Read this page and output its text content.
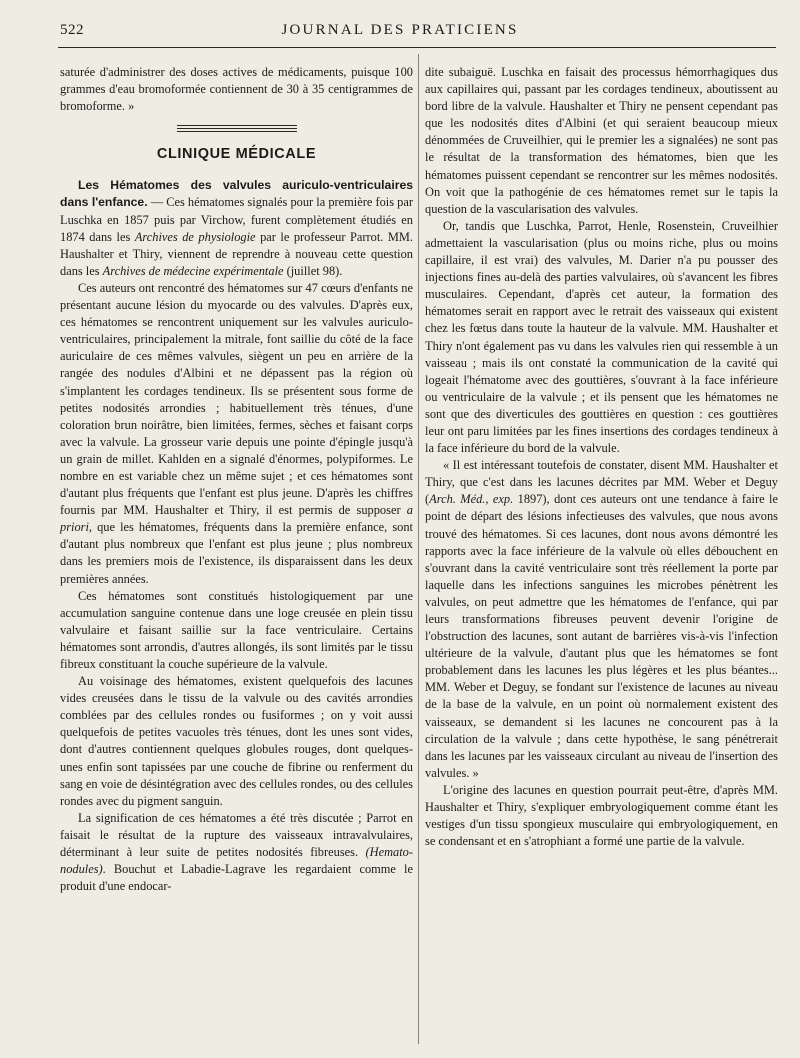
522	JOURNAL DES PRATICIENS

saturée d'administrer des doses actives de médicaments, puisque 100 grammes d'eau bromoformée contiennent de 30 à 35 centigrammes de bromoforme. »

CLINIQUE MÉDICALE

Les Hématomes des valvules auriculo-ventriculaires dans l'enfance. — Ces hématomes signalés pour la première fois par Luschka en 1857 puis par Virchow, furent complètement étudiés en 1874 dans les Archives de physiologie par le professeur Parrot. MM. Haushalter et Thiry, viennent de reprendre à nouveau cette question dans les Archives de médecine expérimentale (juillet 98).

Ces auteurs ont rencontré des hématomes sur 47 cœurs d'enfants ne présentant aucune lésion du myocarde ou des valvules. D'après eux, ces hématomes se rencontrent uniquement sur les valvules auriculo-ventriculaires, principalement la mitrale, font saillie du côté de la face auriculaire de ces mêmes valvules, siègent un peu en arrière de la rangée des nodules d'Albini et ne dépassent pas la région où s'implantent les cordages tendineux. Ils se présentent sous forme de petites nodosités arrondies ; habituellement très ténues, d'une coloration brun noirâtre, bien limitées, fermes, sèches et faisant corps avec la valvule. La grosseur varie depuis une pointe d'épingle jusqu'à un grain de millet. Kahlden en a signalé d'énormes, polypiformes. Le nombre en est variable chez un même sujet ; et ces hématomes sont d'autant plus fréquents que l'enfant est plus jeune. D'après les chiffres fournis par MM. Haushalter et Thiry, il est permis de supposer a priori, que les hématomes, fréquents dans la première enfance, sont d'autant plus nombreux que l'enfant est plus jeune ; plus nombreux dans les premiers mois de l'existence, ils disparaissent dans les deux premières années.

Ces hématomes sont constitués histologiquement par une accumulation sanguine contenue dans une loge creusée en plein tissu valvulaire et faisant saillie sur la face ventriculaire. Certains hématomes sont arrondis, d'autres allongés, ils sont limités par le tissu fibreux constituant la couche supérieure de la valvule.

Au voisinage des hématomes, existent quelquefois des lacunes vides creusées dans le tissu de la valvule ou des cavités arrondies comblées par des cellules rondes ou fusiformes ; on y voit aussi quelquefois de petites vacuoles très ténues, dont les unes sont vides, dont d'autres contiennent quelques globules rouges, dont quelques-unes enfin sont tapissées par une couche de fibrine ou renferment du sang en voie de désintégration avec des cellules rondes, ou des cellules rondes avec du pigment sanguin.

La signification de ces hématomes a été très discutée ; Parrot en faisait le résultat de la rupture des vaisseaux intravalvulaires, déterminant à leur suite de petites nodosités fibreuses. (Hemato-nodules). Bouchut et Labadie-Lagrave les regardaient comme le produit d'une endocar-

dite subaiguë. Luschka en faisait des processus hémorrhagiques dus aux capillaires qui, passant par les cordages tendineux, aboutissent au bord libre de la valvule. Haushalter et Thiry ne pensent cependant pas que les nodosités dites d'Albini (et qui seraient beaucoup mieux dénommées de Cruveilhier, qui le premier les a signalées) ne sont pas le résultat de la transformation des hématomes, bien que les hématomes puissent cependant se rencontrer sur les mêmes nodosités. On voit que la pathogénie de ces hématomes remet sur le tapis la question de la vascularisation des valvules.

Or, tandis que Luschka, Parrot, Henle, Rosenstein, Cruveilhier admettaient la vascularisation (plus ou moins riche, plus ou moins capillaire, il est vrai) des valvules, M. Darier n'a pu pousser des injections fines au-delà des parties valvulaires, où s'avancent les fibres musculaires. Cependant, d'après cet auteur, la formation des hématomes serait en rapport avec le retrait des vaisseaux qui existent chez les fœtus dans toute la hauteur de la valvule. MM. Haushalter et Thiry n'ont également pas vu dans les valvules rien qui ressemble à un vaisseau ; mais ils ont constaté la communication de la cavité qui logeait l'hématome avec des gouttières, s'ouvrant à la face inférieure ou ventriculaire de la valvule ; et ils pensent que les hématomes ne sont que des diverticules des gouttières en question : ces gouttières leur ont paru limitées par les fines insertions des cordages tendineux à la face inférieure du bord de la valvule.

« Il est intéressant toutefois de constater, disent MM. Haushalter et Thiry, que c'est dans les lacunes décrites par MM. Weber et Deguy (Arch. Méd., exp. 1897), dont ces auteurs ont une tendance à faire le point de départ des lésions infectieuses des valvules, que nous avons trouvé des hématomes. Si ces lacunes, dont nous avons démontré les rapports avec la face inférieure de la valvule où elles débouchent en s'ouvrant dans la cavité ventriculaire sont très réellement la porte par laquelle dans les infections sanguines les microbes pénètrent les valvules, on peut admettre que les hématomes de l'enfance, qui par leurs transformations fibreuses peuvent devenir l'origine de l'obstruction des lacunes, sont autant de barrières vis-à-vis l'infection ultérieure de la valvule, d'autant plus que les hématomes se font probablement dans les lacunes les plus légères et les plus béantes... MM. Weber et Deguy, se fondant sur l'existence de lacunes au niveau de la base de la valvule, en un point où normalement existent des vaisseaux, se demandent si les lacunes ne concourent pas à la circulation de la valvule ; dans cette hypothèse, le sang pénétrerait dans les lacunes par les vaisseaux circulant au niveau de l'insertion des valvules. »

L'origine des lacunes en question pourrait peut-être, d'après MM. Haushalter et Thiry, s'expliquer embryologiquement comme étant les vestiges d'un tissu spongieux musculaire qui embryologiquement, en se condensant et en s'atrophiant a formé une partie de la valvule.
